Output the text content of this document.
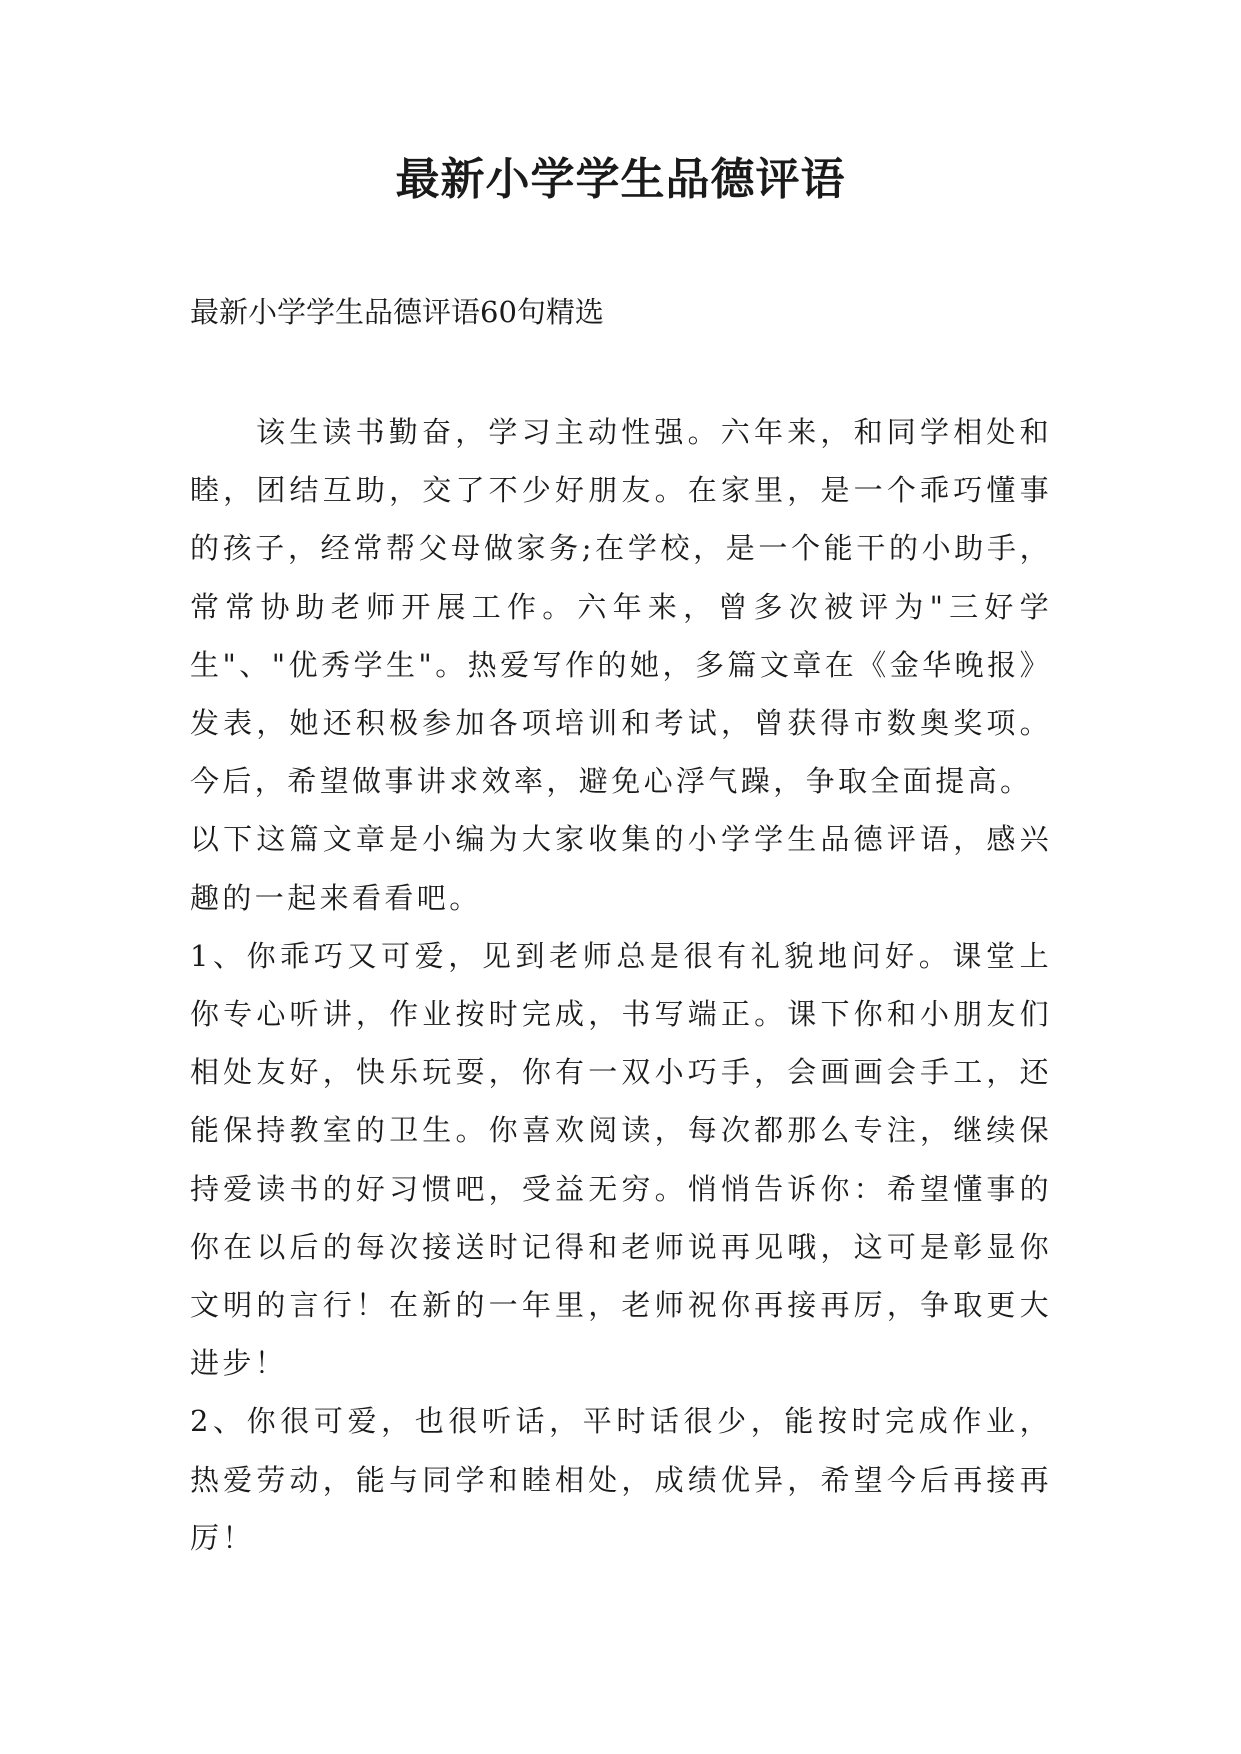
最新小学学生品德评语

最新小学学生品德评语60句精选

该生读书勤奋，学习主动性强。六年来，和同学相处和睦，团结互助，交了不少好朋友。在家里，是一个乖巧懂事的孩子，经常帮父母做家务;在学校，是一个能干的小助手，常常协助老师开展工作。六年来，曾多次被评为"三好学生"、"优秀学生"。热爱写作的她，多篇文章在《金华晚报》发表，她还积极参加各项培训和考试，曾获得市数奥奖项。今后，希望做事讲求效率，避免心浮气躁，争取全面提高。

以下这篇文章是小编为大家收集的小学学生品德评语，感兴趣的一起来看看吧。

1、你乖巧又可爱，见到老师总是很有礼貌地问好。课堂上你专心听讲，作业按时完成，书写端正。课下你和小朋友们相处友好，快乐玩耍，你有一双小巧手，会画画会手工，还能保持教室的卫生。你喜欢阅读，每次都那么专注，继续保持爱读书的好习惯吧，受益无穷。悄悄告诉你：希望懂事的你在以后的每次接送时记得和老师说再见哦，这可是彰显你文明的言行！在新的一年里，老师祝你再接再厉，争取更大进步！

2、你很可爱，也很听话，平时话很少，能按时完成作业，热爱劳动，能与同学和睦相处，成绩优异，希望今后再接再厉！
